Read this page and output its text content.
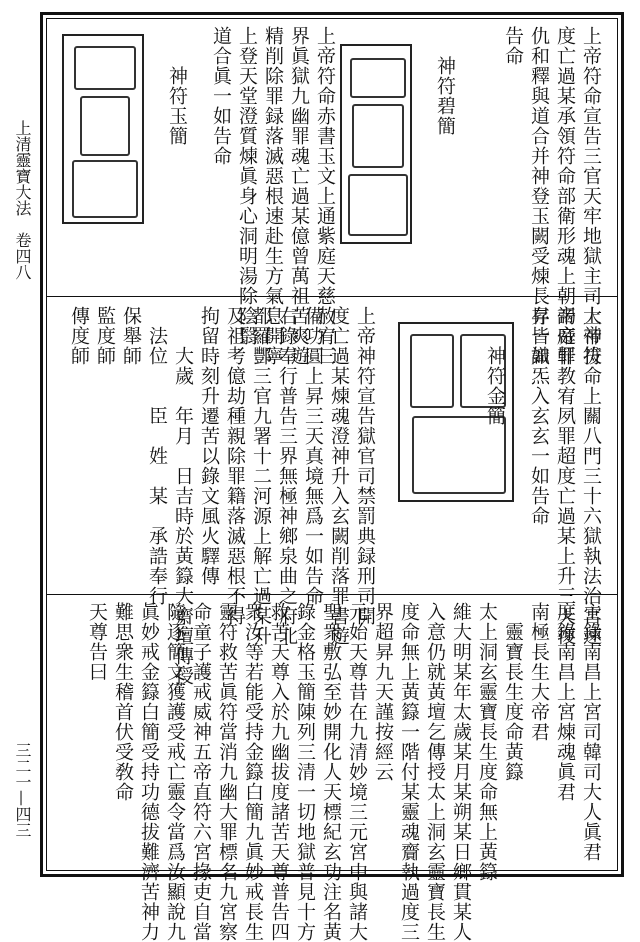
上清靈寶大法　卷四八
三二一—四三
上帝符命宣告三官天牢地獄主司大神拔
度亡過某承領符命部衛形魂上朝帝庭罪
仇和釋與道合并神登玉闕受煉長存一如
告命
神符碧簡
上帝符命赤書玉文上通紫庭天慈赦宥三
界眞獄九幽罪魂亡過某億曾萬祖苦爽遊
精削除罪録落滅惡根速赴生方氣息開寧
上登天堂澄質煉眞身心洞明湯除陰翳
道合眞一如告命
神符玉簡
上帝符命上關八門三十六獄執法治宮速
謁帝軒教宥夙罪超度亡過某上升三天復
昇皆識炁入玄玄一如告命
神符金簡
上帝神符宣告獄官司禁罰典録刑司開
度亡過某煉魂澄神升入玄闕削落罪書遊
備功圓上昇三天真境無爲一如告命
右錄奉行普告三界無極神鄉泉曲之府北
都羅酆三官九署十二河源上解亡過某升
及祖考億劫種親除罪籍落滅惡根不得
拘留時刻升遷苦以錄文風火驛傳
大歲　年月　日吉時於黃籙大齋壇傳授
法位　　臣　姓　某　承誥奉行
保舉師
監度師
傳度師
主錄南昌上宮司韓司大人眞君
度錄南昌上宮煉魂眞君
南極長生大帝君
靈寶長生度命黃籙
太上洞玄靈寶長生度命無上黃籙
維大明某年太歲某月某朔某日鄉貫某人
入意仍就黃壇乞傳授太上洞玄靈寶長生
度命無上黃籙一階付某靈魂齎執過度三
界超昇九天謹按經云
元始天尊昔在九清妙境三元宮中與諸大
聖衆敷弘至妙開化人天標紀玄功注名黃
錄金格玉簡陳列三清一切地獄普見十方
救苦天尊入於九幽拔度諸苦天尊普告四
衆汝等若能受持金籙白簡九眞妙戒長生
靈符救苦眞符當消九幽大罪標名九宮察
命童子護戒威神五帝直符六宮掾吏自當
隨逐簡文獲護受戒亡靈令當爲汝顯說九
眞妙戒金籙白簡受持功德拔難濟苦神力
難思衆生稽首伏受敎命
天尊告曰
